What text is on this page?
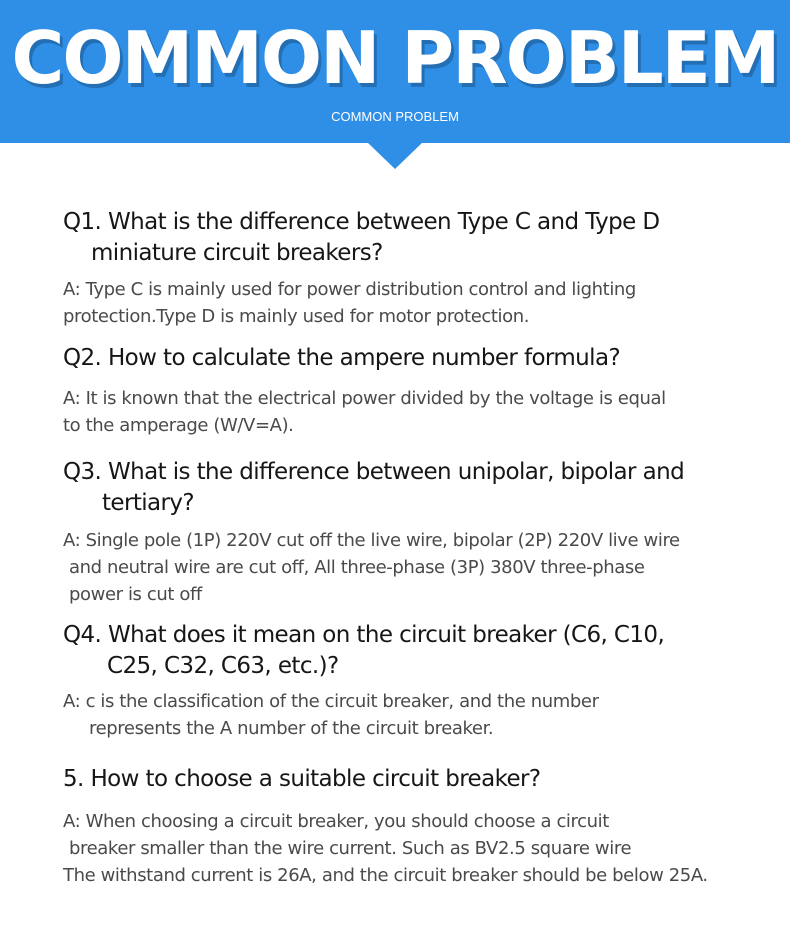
COMMON PROBLEM
COMMON PROBLEM
Q1. What is the difference between Type C and Type D
miniature circuit breakers?
A: Type C is mainly used for power distribution control and lighting
protection.Type D is mainly used for motor protection.
Q2. How to calculate the ampere number formula?
A: It is known that the electrical power divided by the voltage is equal
to the amperage (W/V=A).
Q3. What is the difference between unipolar, bipolar and
tertiary?
A: Single pole (1P) 220V cut off the live wire, bipolar (2P) 220V live wire
and neutral wire are cut off, All three-phase (3P) 380V three-phase
power is cut off
Q4. What does it mean on the circuit breaker (C6, C10,
C25, C32, C63, etc.)?
A: c is the classification of the circuit breaker, and the number
represents the A number of the circuit breaker.
5. How to choose a suitable circuit breaker?
A: When choosing a circuit breaker, you should choose a circuit
breaker smaller than the wire current. Such as BV2.5 square wire
The withstand current is 26A, and the circuit breaker should be below 25A.
